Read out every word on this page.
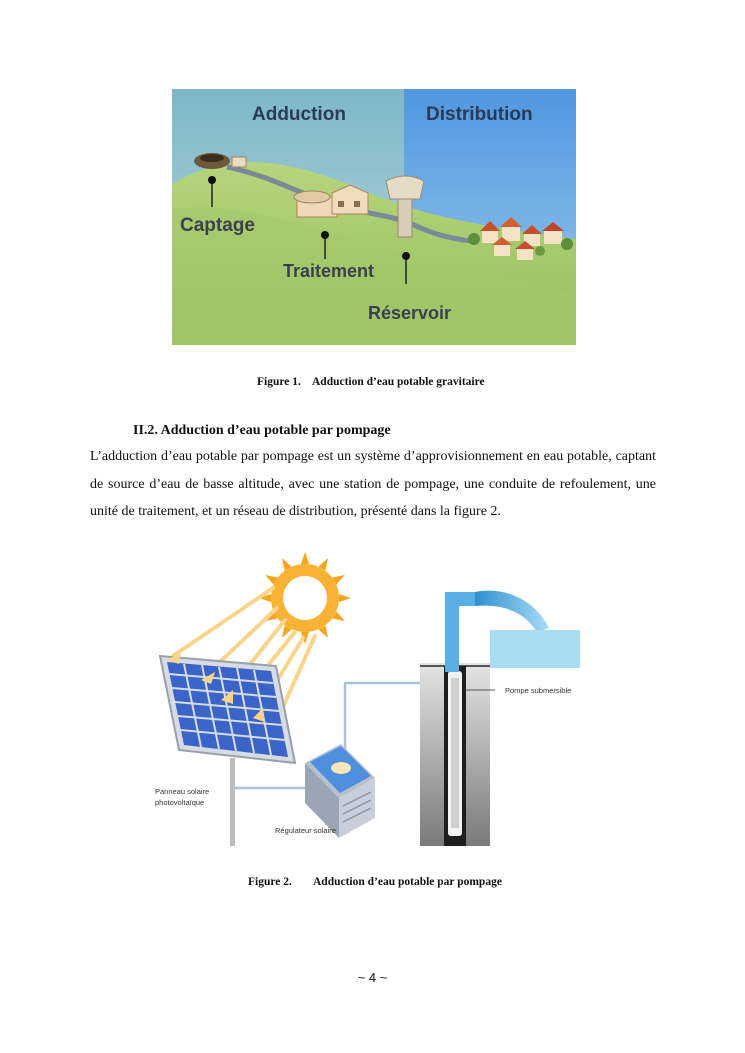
Adduction	Distribution
Captage
Traitement
Réservoir
Figure 1. Adduction d’eau potable gravitaire
II.2. Adduction d’eau potable par pompage
L’adduction d’eau potable par pompage est un système d’approvisionnement en eau potable, captant de source d’eau de basse altitude, avec une station de pompage, une conduite de refoulement, une unité de traitement, et un réseau de distribution, présenté dans la figure 2.
Pompe submersible
Panneau solaire
photovoltaïque
Régulateur solaire
Figure 2. Adduction d’eau potable par pompage
~ 4 ~
